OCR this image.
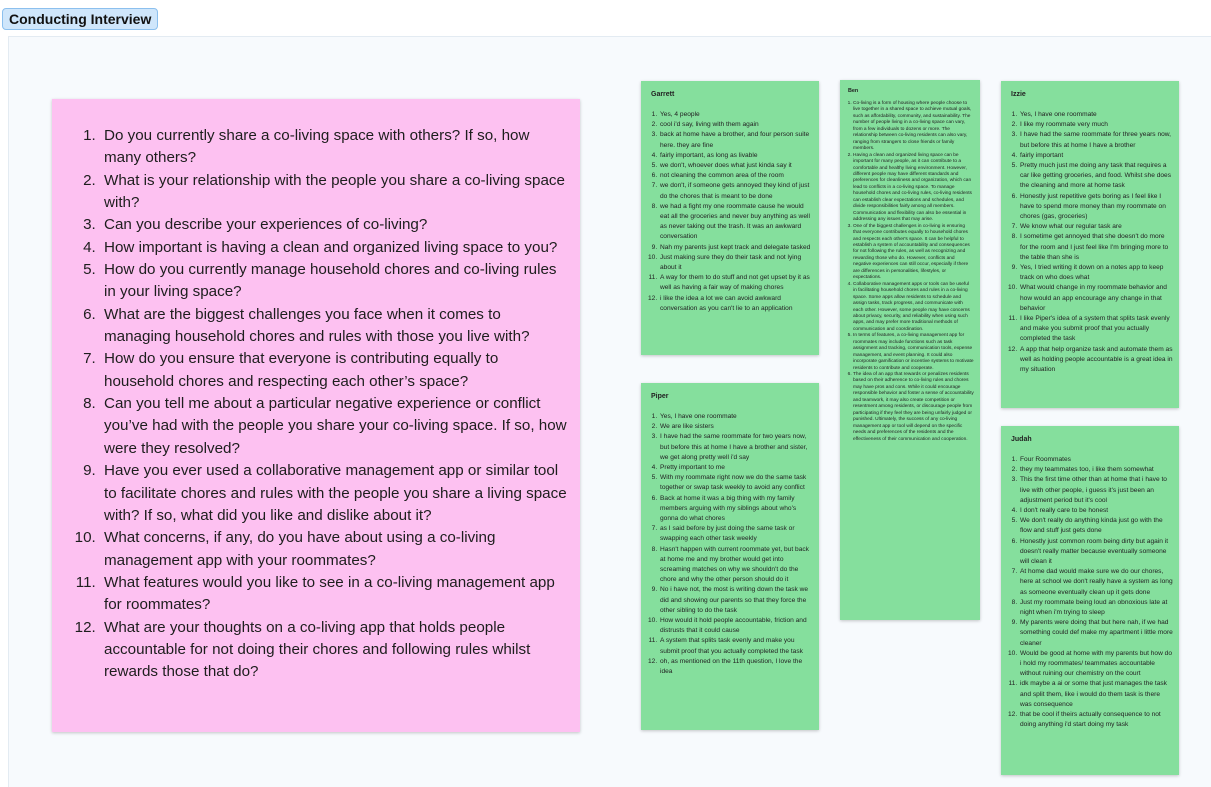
Conducting Interview
1. Do you currently share a co-living space with others? If so, how many others?
2. What is your relationship with the people you share a co-living space with?
3. Can you describe your experiences of co-living?
4. How important is having a clean and organized living space to you?
5. How do you currently manage household chores and co-living rules in your living space?
6. What are the biggest challenges you face when it comes to managing household chores and rules with those you live with?
7. How do you ensure that everyone is contributing equally to household chores and respecting each other’s space?
8. Can you tell me about a particular negative experience or conflict you’ve had with the people you share your co-living space. If so, how were they resolved?
9. Have you ever used a collaborative management app or similar tool to facilitate chores and rules with the people you share a living space with? If so, what did you like and dislike about it?
10. What concerns, if any, do you have about using a co-living management app with your roommates?
11. What features would you like to see in a co-living management app for roommates?
12. What are your thoughts on a co-living app that holds people accountable for not doing their chores and following rules whilst rewards those that do?
Garrett
1. Yes, 4 people
2. cool i'd say, living with them again
3. back at home have a brother, and four person suite here. they are fine
4. fairly important, as long as livable
5. we don't, whoever does what just kinda say it
6. not cleaning the common area of the room
7. we don't, if someone gets annoyed they kind of just do the chores that is meant to be done
8. we had a fight my one roommate cause he would eat all the groceries and never buy anything as well as never taking out the trash. It was an awkward conversation
9. Nah my parents just kept track and delegate tasked
10. Just making sure they do their task and not lying about it
11. A way for them to do stuff and not get upset by it as well as having a fair way of making chores
12. i like the idea a lot we can avoid awkward conversation as you can't lie to an application
Ben
1. Co-living is a form of housing where people choose to live together in a shared space to achieve mutual goals, such as affordability, community, and sustainability. The number of people living in a co-living space can vary, from a few individuals to dozens or more. The relationship between co-living residents can also vary, ranging from strangers to close friends or family members.
2. Having a clean and organized living space can be important for many people, as it can contribute to a comfortable and healthy living environment. However, different people may have different standards and preferences for cleanliness and organization, which can lead to conflicts in a co-living space. To manage household chores and co-living rules, co-living residents can establish clear expectations and schedules, and divide responsibilities fairly among all members. Communication and flexibility can also be essential in addressing any issues that may arise.
3. One of the biggest challenges in co-living is ensuring that everyone contributes equally to household chores and respects each other's space. It can be helpful to establish a system of accountability and consequences for not following the rules, as well as recognizing and rewarding those who do. However, conflicts and negative experiences can still occur, especially if there are differences in personalities, lifestyles, or expectations.
4. Collaborative management apps or tools can be useful in facilitating household chores and rules in a co-living space. Some apps allow residents to schedule and assign tasks, track progress, and communicate with each other. However, some people may have concerns about privacy, security, and reliability when using such apps, and may prefer more traditional methods of communication and coordination.
5. In terms of features, a co-living management app for roommates may include functions such as task assignment and tracking, communication tools, expense management, and event planning. It could also incorporate gamification or incentive systems to motivate residents to contribute and cooperate.
6. The idea of an app that rewards or penalizes residents based on their adherence to co-living rules and chores may have pros and cons. While it could encourage responsible behavior and foster a sense of accountability and teamwork, it may also create competition or resentment among residents, or discourage people from participating if they feel they are being unfairly judged or punished. Ultimately, the success of any co-living management app or tool will depend on the specific needs and preferences of the residents and the effectiveness of their communication and cooperation.
Izzie
1. Yes, I have one roommate
2. I like my roommate very much
3. I have had the same roommate for three years now, but before this at home I have a brother
4. fairly important
5. Pretty much just me doing any task that requires a car like getting groceries, and food. Whilst she does the cleaning and more at home task
6. Honestly just repetitive gets boring as I feel like I have to spend more money than my roommate on chores (gas, groceries)
7. We know what our regular task are
8. I sometime get annoyed that she doesn't do more for the room and I just feel like I'm bringing more to the table than she is
9. Yes, I tried writing it down on a notes app to keep track on who does what
10. What would change in my roommate behavior and how would an app encourage any change in that behavior
11. I like Piper's idea of a system that splits task evenly and make you submit proof that you actually completed the task
12. A app that help organize task and automate them as well as holding people accountable is a great idea in my situation
Piper
1. Yes, I have one roommate
2. We are like sisters
3. I have had the same roommate for two years now, but before this at home I have a brother and sister, we get along pretty well i'd say
4. Pretty important to me
5. With my roommate right now we do the same task together or swap task weekly to avoid any conflict
6. Back at home it was a big thing with my family members arguing with my siblings about who's gonna do what chores
7. as I said before by just doing the same task or swapping each other task weekly
8. Hasn't happen with current roommate yet, but back at home me and my brother would get into screaming matches on why we shouldn't do the chore and why the other person should do it
9. No i have not, the most is writing down the task we did and showing our parents so that they force the other sibling to do the task
10. How would it hold people accountable, friction and distrusts that it could cause
11. A system that splits task evenly and make you submit proof that you actually completed the task
12. oh, as mentioned on the 11th question, I love the idea
Judah
1. Four Roommates
2. they my teammates too, i like them somewhat
3. This the first time other than at home that i have to live with other people, i guess it's just been an adjustment period but it's cool
4. I don't really care to be honest
5. We don't really do anything kinda just go with the flow and stuff just gets done
6. Honestly just common room being dirty but again it doesn't really matter because eventually someone will clean it
7. At home dad would make sure we do our chores, here at school we don't really have a system as long as someone eventually clean up it gets done
8. Just my roommate being loud an obnoxious late at night when i'm trying to sleep
9. My parents were doing that but here nah, if we had something could def make my apartment i little more cleaner
10. Would be good at home with my parents but how do i hold my roommates/ teammates accountable without ruining our chemistry on the court
11. idk maybe a ai or some that just manages the task and split them, like i would do them task is there was consequence
12. that be cool if theirs actually consequence to not doing anything i'd start doing my task
